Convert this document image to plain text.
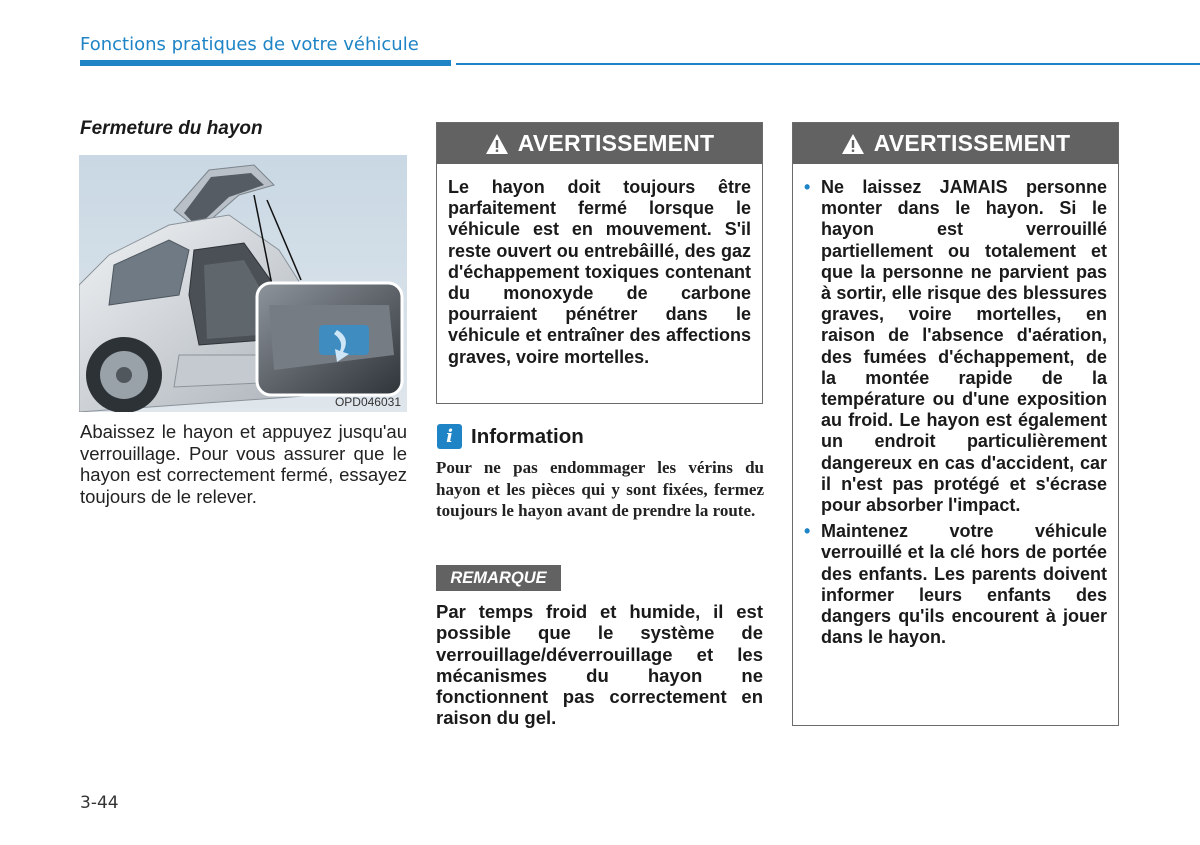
Fonctions pratiques de votre véhicule
Fermeture du hayon
OPD046031
Abaissez le hayon et appuyez jusqu'au verrouillage. Pour vous assurer que le hayon est correctement fermé, essayez toujours de le relever.
AVERTISSEMENT
Le hayon doit toujours être parfaitement fermé lorsque le véhicule est en mouvement. S'il reste ouvert ou entrebâillé, des gaz d'échappement toxiques contenant du monoxyde de carbone pourraient pénétrer dans le véhicule et entraîner des affections graves, voire mortelles.
i Information
Pour ne pas endommager les vérins du hayon et les pièces qui y sont fixées, fermez toujours le hayon avant de prendre la route.
REMARQUE
Par temps froid et humide, il est possible que le système de verrouillage/déverrouillage et les mécanismes du hayon ne fonctionnent pas correctement en raison du gel.
AVERTISSEMENT
• Ne laissez JAMAIS personne monter dans le hayon. Si le hayon est verrouillé partiellement ou totalement et que la personne ne parvient pas à sortir, elle risque des blessures graves, voire mortelles, en raison de l'absence d'aération, des fumées d'échappement, de la montée rapide de la température ou d'une exposition au froid. Le hayon est également un endroit particulièrement dangereux en cas d'accident, car il n'est pas protégé et s'écrase pour absorber l'impact.
• Maintenez votre véhicule verrouillé et la clé hors de portée des enfants. Les parents doivent informer leurs enfants des dangers qu'ils encourent à jouer dans le hayon.
3-44
